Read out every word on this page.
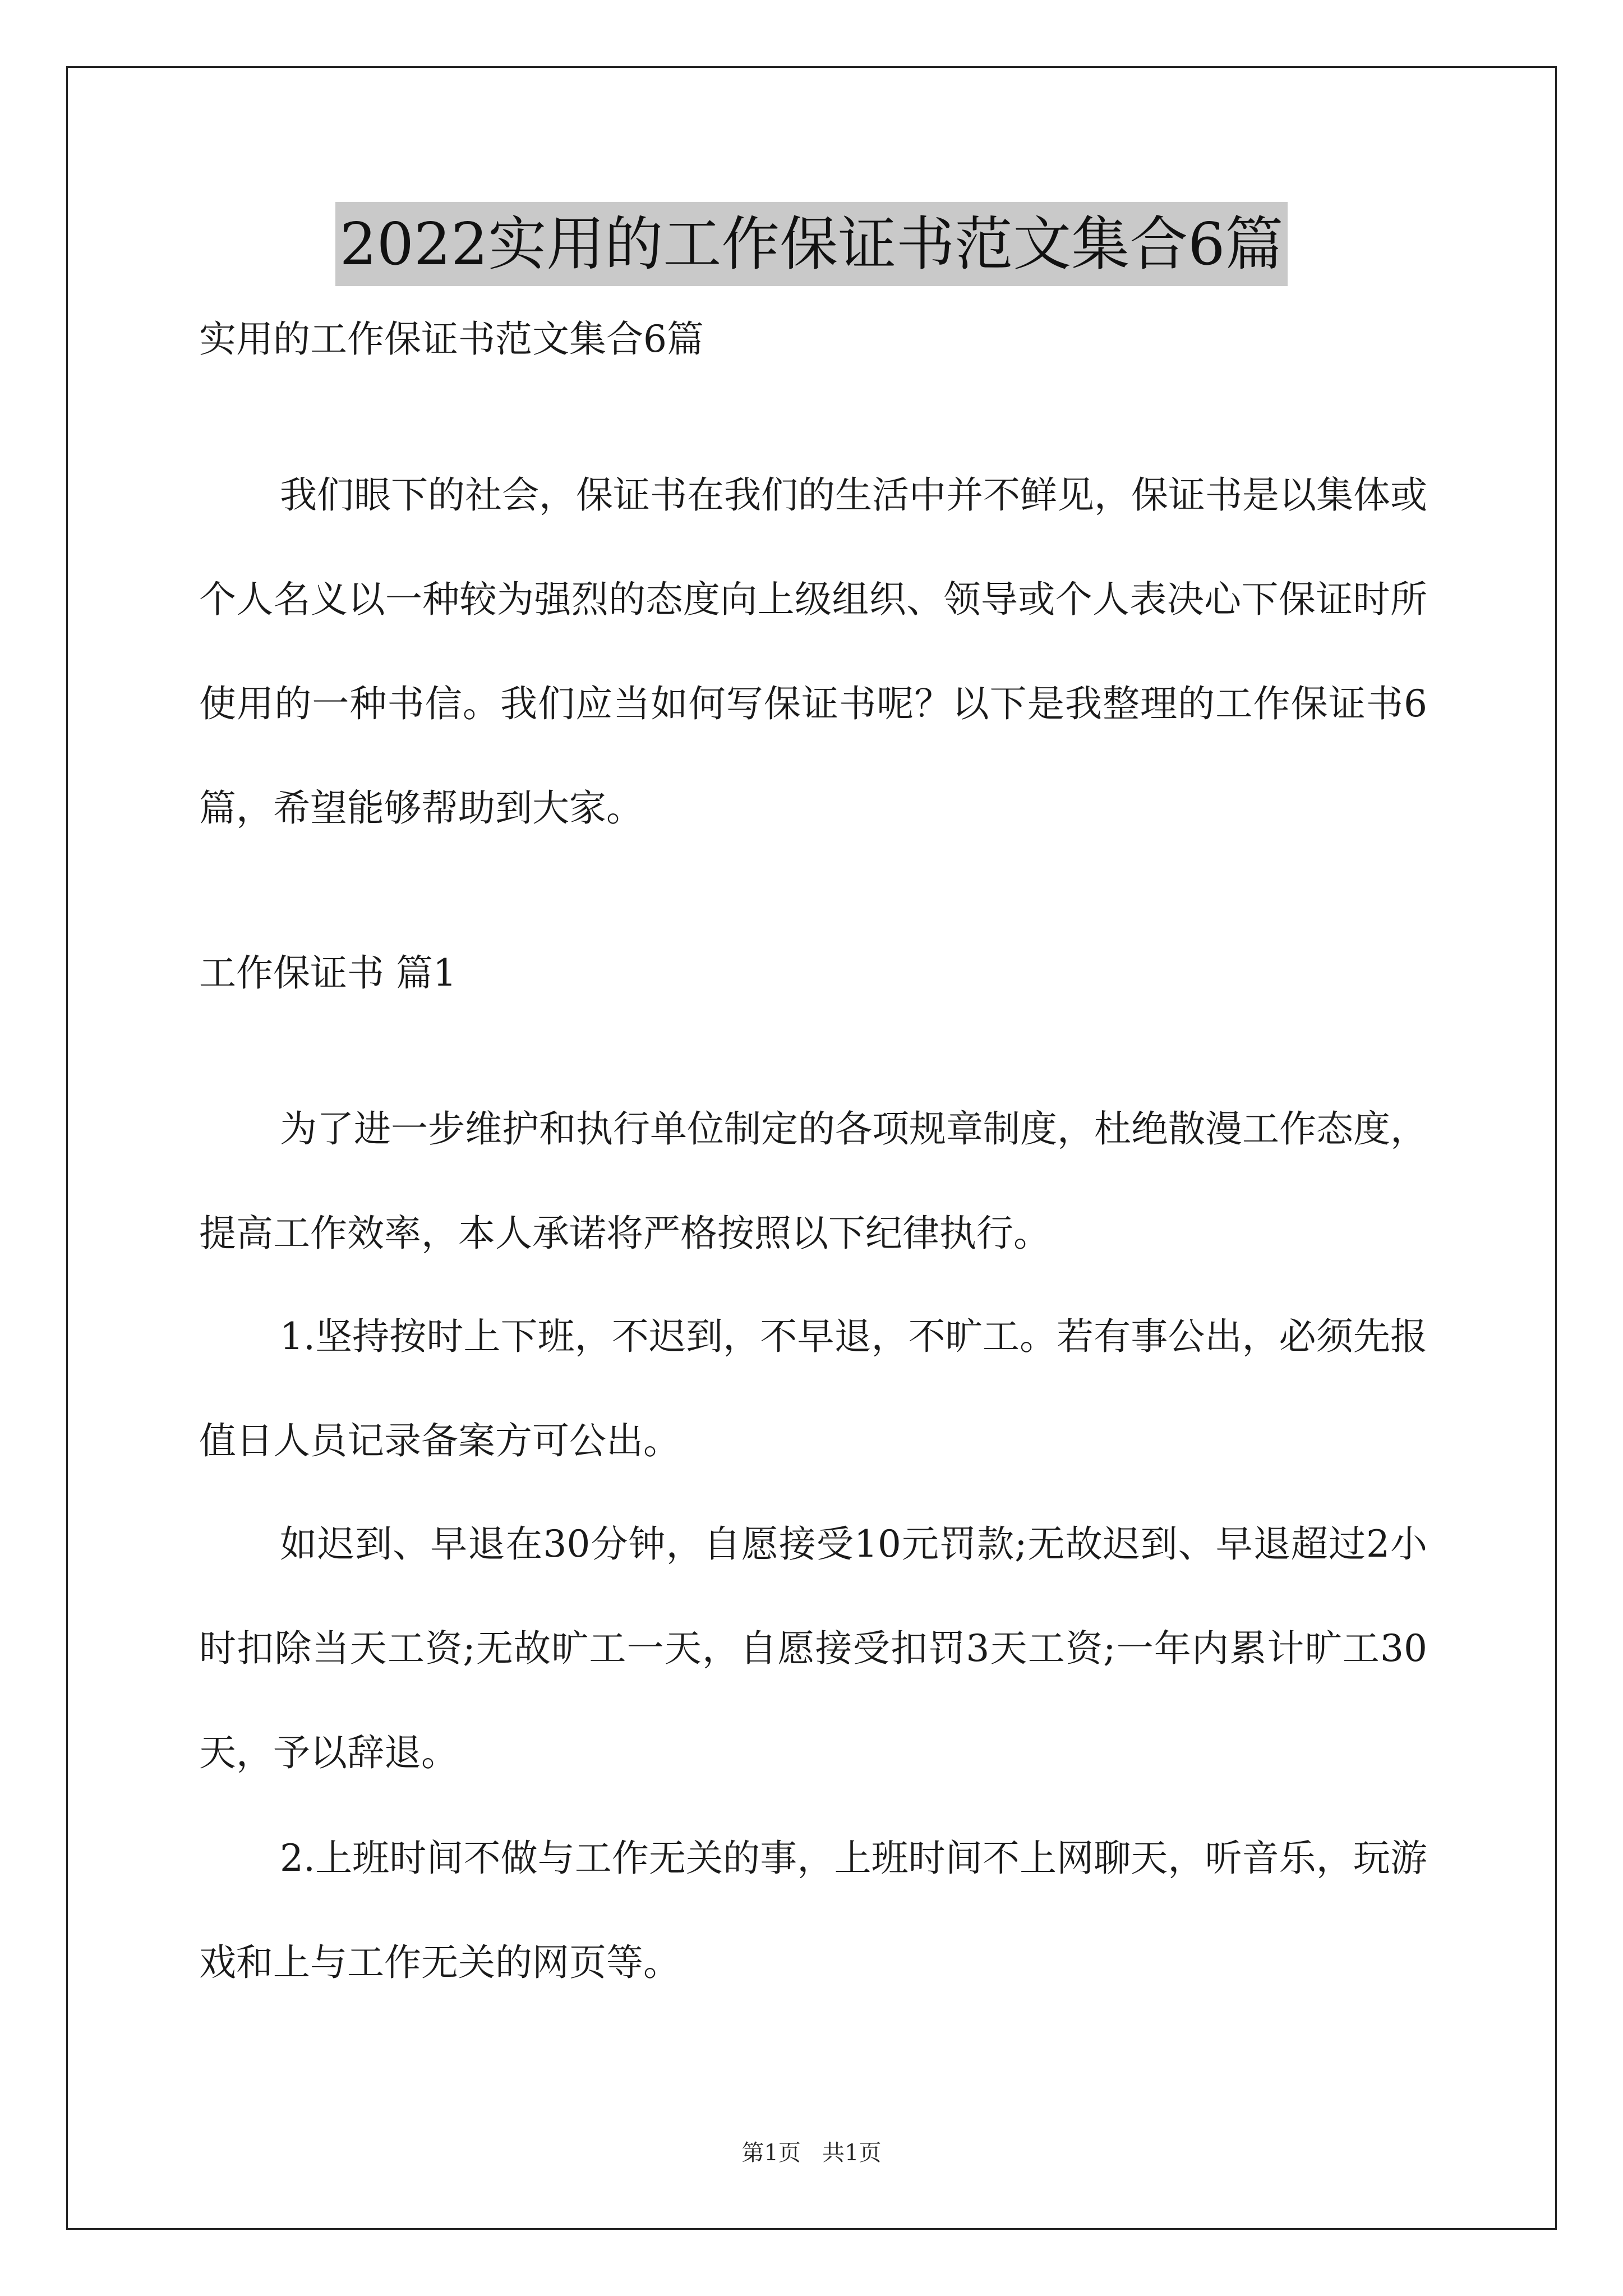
2022实用的工作保证书范文集合6篇
实用的工作保证书范文集合6篇

我们眼下的社会，保证书在我们的生活中并不鲜见，保证书是以集体或个人名义以一种较为强烈的态度向上级组织、领导或个人表决心下保证时所使用的一种书信。我们应当如何写保证书呢？以下是我整理的工作保证书6篇，希望能够帮助到大家。

工作保证书 篇1

为了进一步维护和执行单位制定的各项规章制度，杜绝散漫工作态度，提高工作效率，本人承诺将严格按照以下纪律执行。

1.坚持按时上下班，不迟到，不早退，不旷工。若有事公出，必须先报值日人员记录备案方可公出。

如迟到、早退在30分钟，自愿接受10元罚款;无故迟到、早退超过2小时扣除当天工资;无故旷工一天，自愿接受扣罚3天工资;一年内累计旷工30天，予以辞退。

2.上班时间不做与工作无关的事，上班时间不上网聊天，听音乐，玩游戏和上与工作无关的网页等。

第1页   共1页
